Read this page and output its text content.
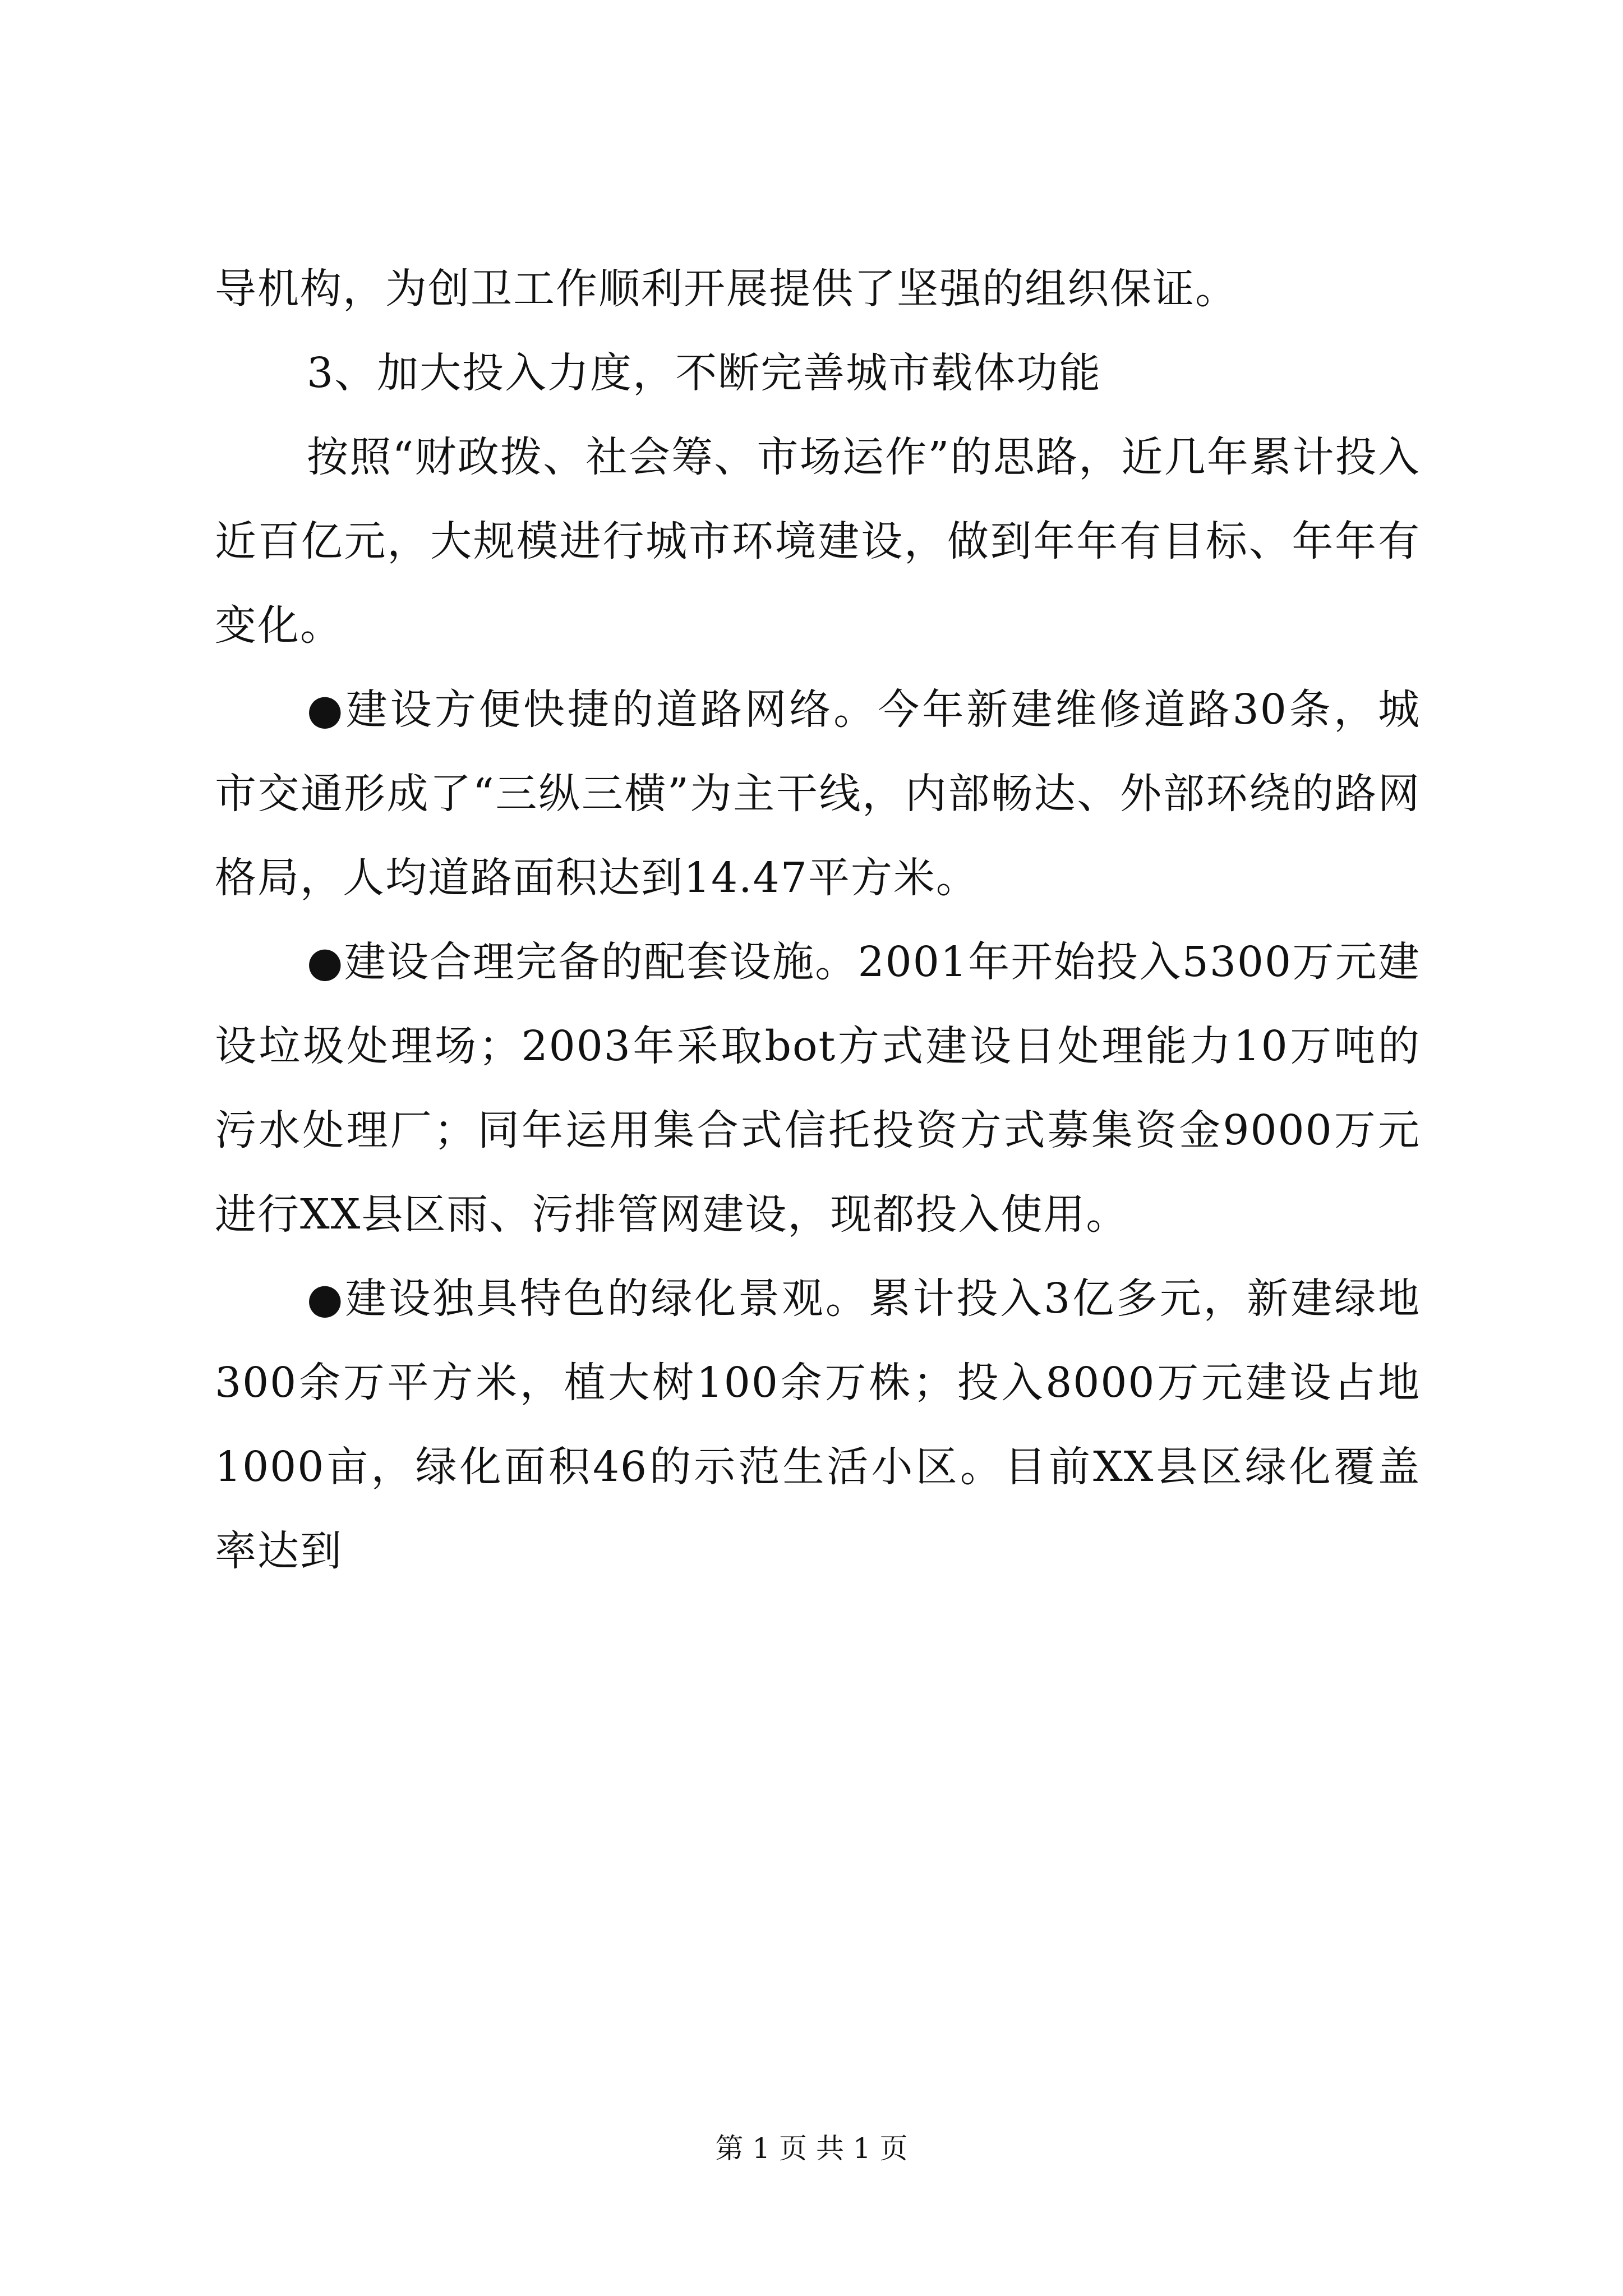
导机构，为创卫工作顺利开展提供了坚强的组织保证。

3、加大投入力度，不断完善城市载体功能

按照“财政拨、社会筹、市场运作”的思路，近几年累计投入近百亿元，大规模进行城市环境建设，做到年年有目标、年年有变化。

●建设方便快捷的道路网络。今年新建维修道路30条，城市交通形成了“三纵三横”为主干线，内部畅达、外部环绕的路网格局，人均道路面积达到14.47平方米。

●建设合理完备的配套设施。2001年开始投入5300万元建设垃圾处理场；2003年采取bot方式建设日处理能力10万吨的污水处理厂；同年运用集合式信托投资方式募集资金9000万元进行XX县区雨、污排管网建设，现都投入使用。

●建设独具特色的绿化景观。累计投入3亿多元，新建绿地300余万平方米，植大树100余万株；投入8000万元建设占地1000亩，绿化面积46的示范生活小区。目前XX县区绿化覆盖率达到

第 1 页 共 1 页
